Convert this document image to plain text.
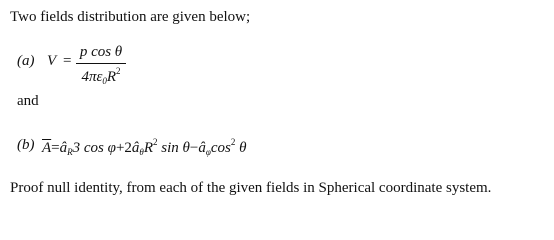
Two fields distribution are given below;
(a) V =
p cos θ
$4\pi\varepsilon_0R^2$
and
(b) $\overline{A}=â_R3$ $\cos \varphi+2â_\theta R^2$ $\sin \theta-â_\varphi\cos^2$ θ
Proof null identity, from each of the given fields in Spherical coordinate system.
